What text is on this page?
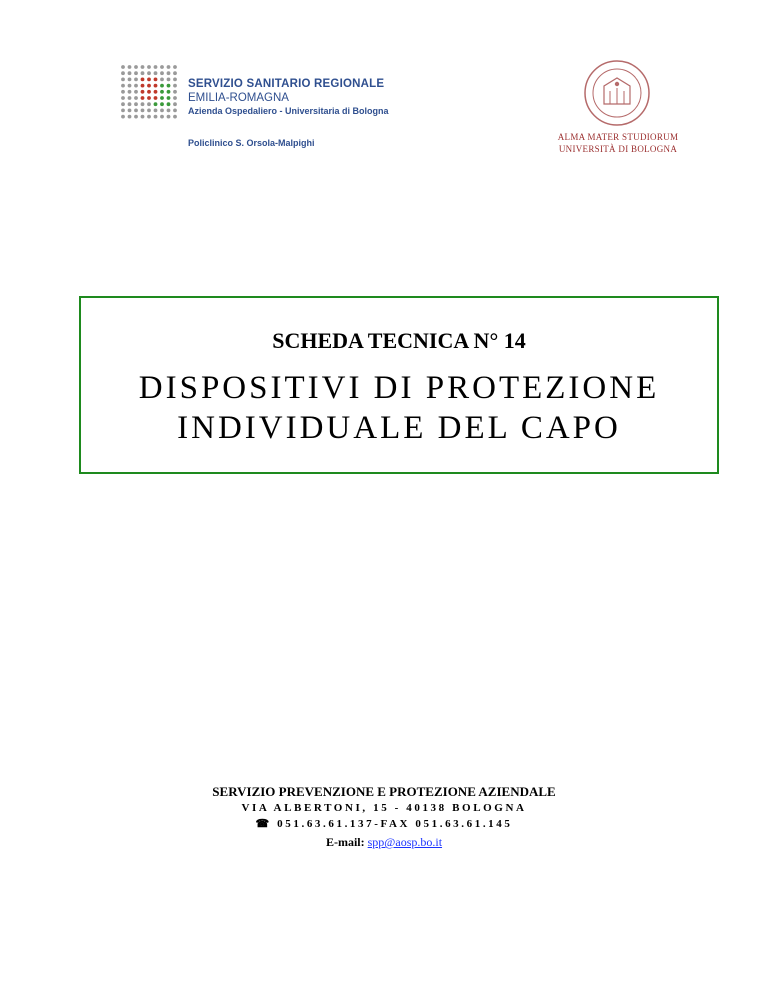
SERVIZIO SANITARIO REGIONALE
EMILIA-ROMAGNA
Azienda Ospedaliero - Universitaria di Bologna
Policlinico S. Orsola-Malpighi
ALMA MATER STUDIORUM
UNIVERSITÀ DI BOLOGNA
SCHEDA TECNICA N° 14
DISPOSITIVI DI PROTEZIONE
INDIVIDUALE DEL CAPO
SERVIZIO PREVENZIONE E PROTEZIONE AZIENDALE
VIA ALBERTONI, 15 - 40138 BOLOGNA
☎ 051.63.61.137-FAX 051.63.61.145
E-mail: spp@aosp.bo.it
